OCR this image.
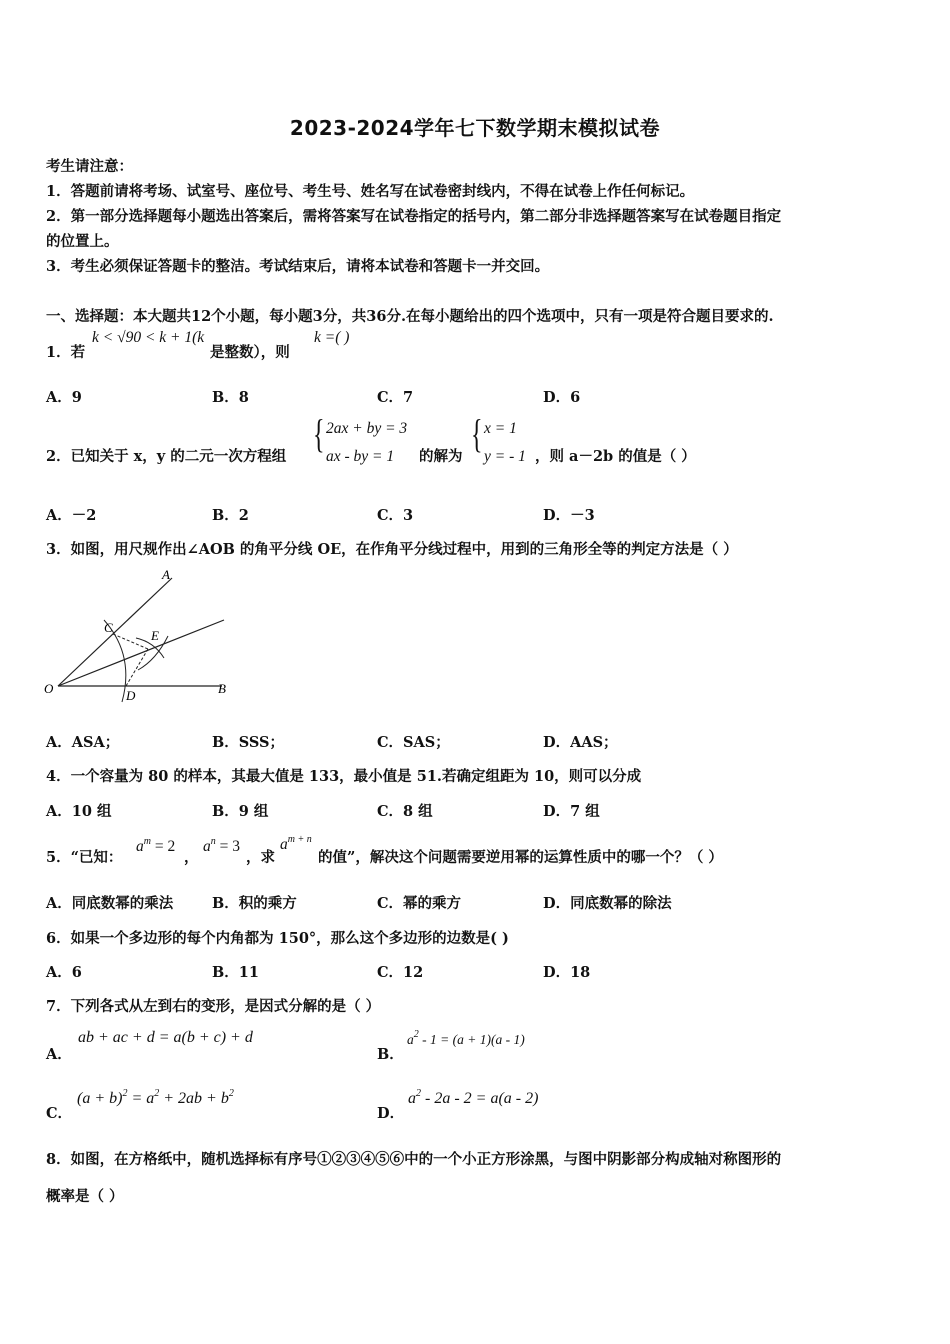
2023-2024学年七下数学期末模拟试卷
考生请注意：
1．答题前请将考场、试室号、座位号、考生号、姓名写在试卷密封线内，不得在试卷上作任何标记。
2．第一部分选择题每小题选出答案后，需将答案写在试卷指定的括号内，第二部分非选择题答案写在试卷题目指定
的位置上。
3．考生必须保证答题卡的整洁。考试结束后，请将本试卷和答题卡一并交回。
一、选择题：本大题共12个小题，每小题3分，共36分.在每小题给出的四个选项中，只有一项是符合题目要求的.
1．若
k < √90 < k + 1(k
是整数），则
k =( )
A．9	B．8	C．7	D．6
2．已知关于 x，y 的二元一次方程组
{ 2ax + by = 3
ax - by = 1 的解为
{ x = 1
y = - 1 ，则 a－2b 的值是（ ）
A．－2	B．2	C．3	D．－3
3．如图，用尺规作出∠AOB 的角平分线 OE，在作角平分线过程中，用到的三角形全等的判定方法是（ ）
A
C
E
O	D	B
A．ASA；	B．SSS；	C．SAS；	D．AAS；
4．一个容量为 80 的样本，其最大值是 133，最小值是 51.若确定组距为 10，则可以分成
A．10 组	B．9 组	C．8 组	D．7 组
5．“已知：
$a^m = 2$
，
$a^n = 3$
，求
$a^{m + n}$
的值”，解决这个问题需要逆用幂的运算性质中的哪一个？（ ）
A．同底数幂的乘法	B．积的乘方	C．幂的乘方	D．同底数幂的除法
6．如果一个多边形的每个内角都为 150°，那么这个多边形的边数是( )
A．6	B．11	C．12	D．18
7．下列各式从左到右的变形，是因式分解的是（ ）
A．
ab + ac + d = a(b + c) + d
B．
$a^2 - 1 = (a + 1)(a - 1)$
C．
$(a + b)^2 = a^2 + 2ab + b^2$
D．
$a^2 - 2a - 2 = a(a - 2)$
8．如图，在方格纸中，随机选择标有序号①②③④⑤⑥中的一个小正方形涂黑，与图中阴影部分构成轴对称图形的
概率是（ ）
